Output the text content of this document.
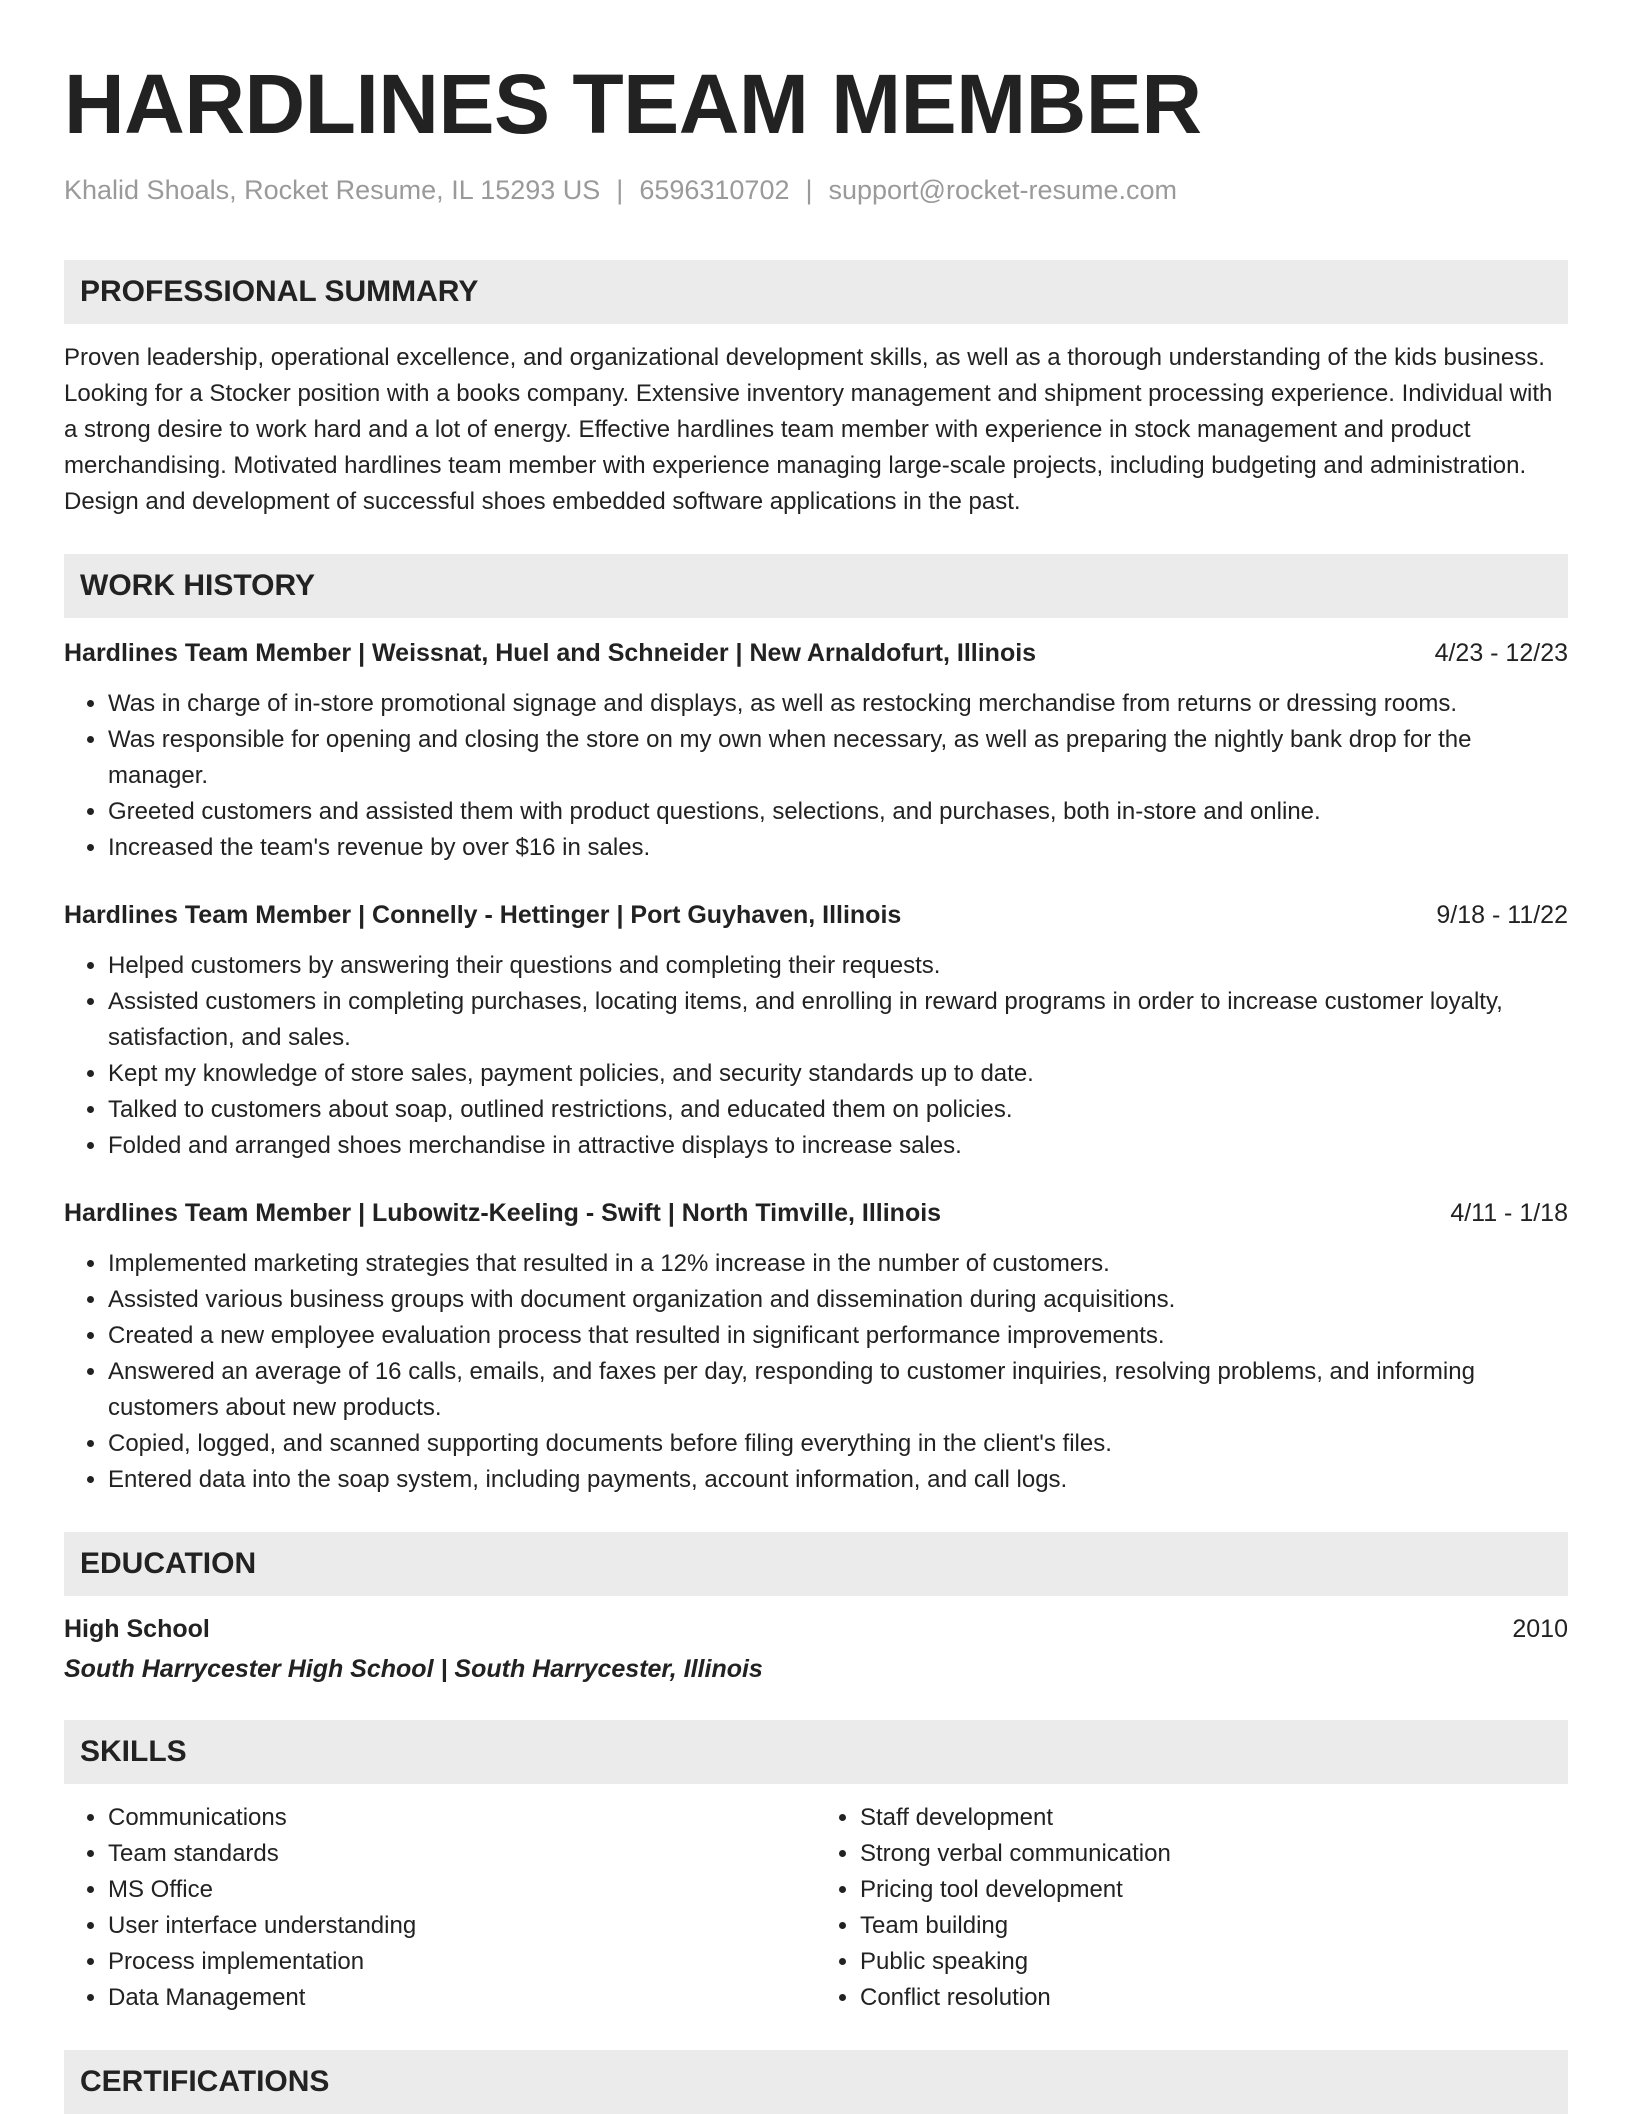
HARDLINES TEAM MEMBER
Khalid Shoals, Rocket Resume, IL 15293 US | 6596310702 | support@rocket-resume.com
PROFESSIONAL SUMMARY

Proven leadership, operational excellence, and organizational development skills, as well as a thorough understanding of the kids business. Looking for a Stocker position with a books company. Extensive inventory management and shipment processing experience. Individual with a strong desire to work hard and a lot of energy. Effective hardlines team member with experience in stock management and product merchandising. Motivated hardlines team member with experience managing large-scale projects, including budgeting and administration. Design and development of successful shoes embedded software applications in the past.

WORK HISTORY
Hardlines Team Member | Weissnat, Huel and Schneider | New Arnaldofurt, Illinois	4/23 - 12/23
• Was in charge of in-store promotional signage and displays, as well as restocking merchandise from returns or dressing rooms.
• Was responsible for opening and closing the store on my own when necessary, as well as preparing the nightly bank drop for the manager.
• Greeted customers and assisted them with product questions, selections, and purchases, both in-store and online.
• Increased the team's revenue by over $16 in sales.
Hardlines Team Member | Connelly - Hettinger | Port Guyhaven, Illinois	9/18 - 11/22
• Helped customers by answering their questions and completing their requests.
• Assisted customers in completing purchases, locating items, and enrolling in reward programs in order to increase customer loyalty, satisfaction, and sales.
• Kept my knowledge of store sales, payment policies, and security standards up to date.
• Talked to customers about soap, outlined restrictions, and educated them on policies.
• Folded and arranged shoes merchandise in attractive displays to increase sales.
Hardlines Team Member | Lubowitz-Keeling - Swift | North Timville, Illinois	4/11 - 1/18
• Implemented marketing strategies that resulted in a 12% increase in the number of customers.
• Assisted various business groups with document organization and dissemination during acquisitions.
• Created a new employee evaluation process that resulted in significant performance improvements.
• Answered an average of 16 calls, emails, and faxes per day, responding to customer inquiries, resolving problems, and informing customers about new products.
• Copied, logged, and scanned supporting documents before filing everything in the client's files.
• Entered data into the soap system, including payments, account information, and call logs.
EDUCATION
High School	2010
South Harrycester High School | South Harrycester, Illinois
SKILLS
• Communications
• Team standards
• MS Office
• User interface understanding
• Process implementation
• Data Management
• Staff development
• Strong verbal communication
• Pricing tool development
• Team building
• Public speaking
• Conflict resolution
CERTIFICATIONS
